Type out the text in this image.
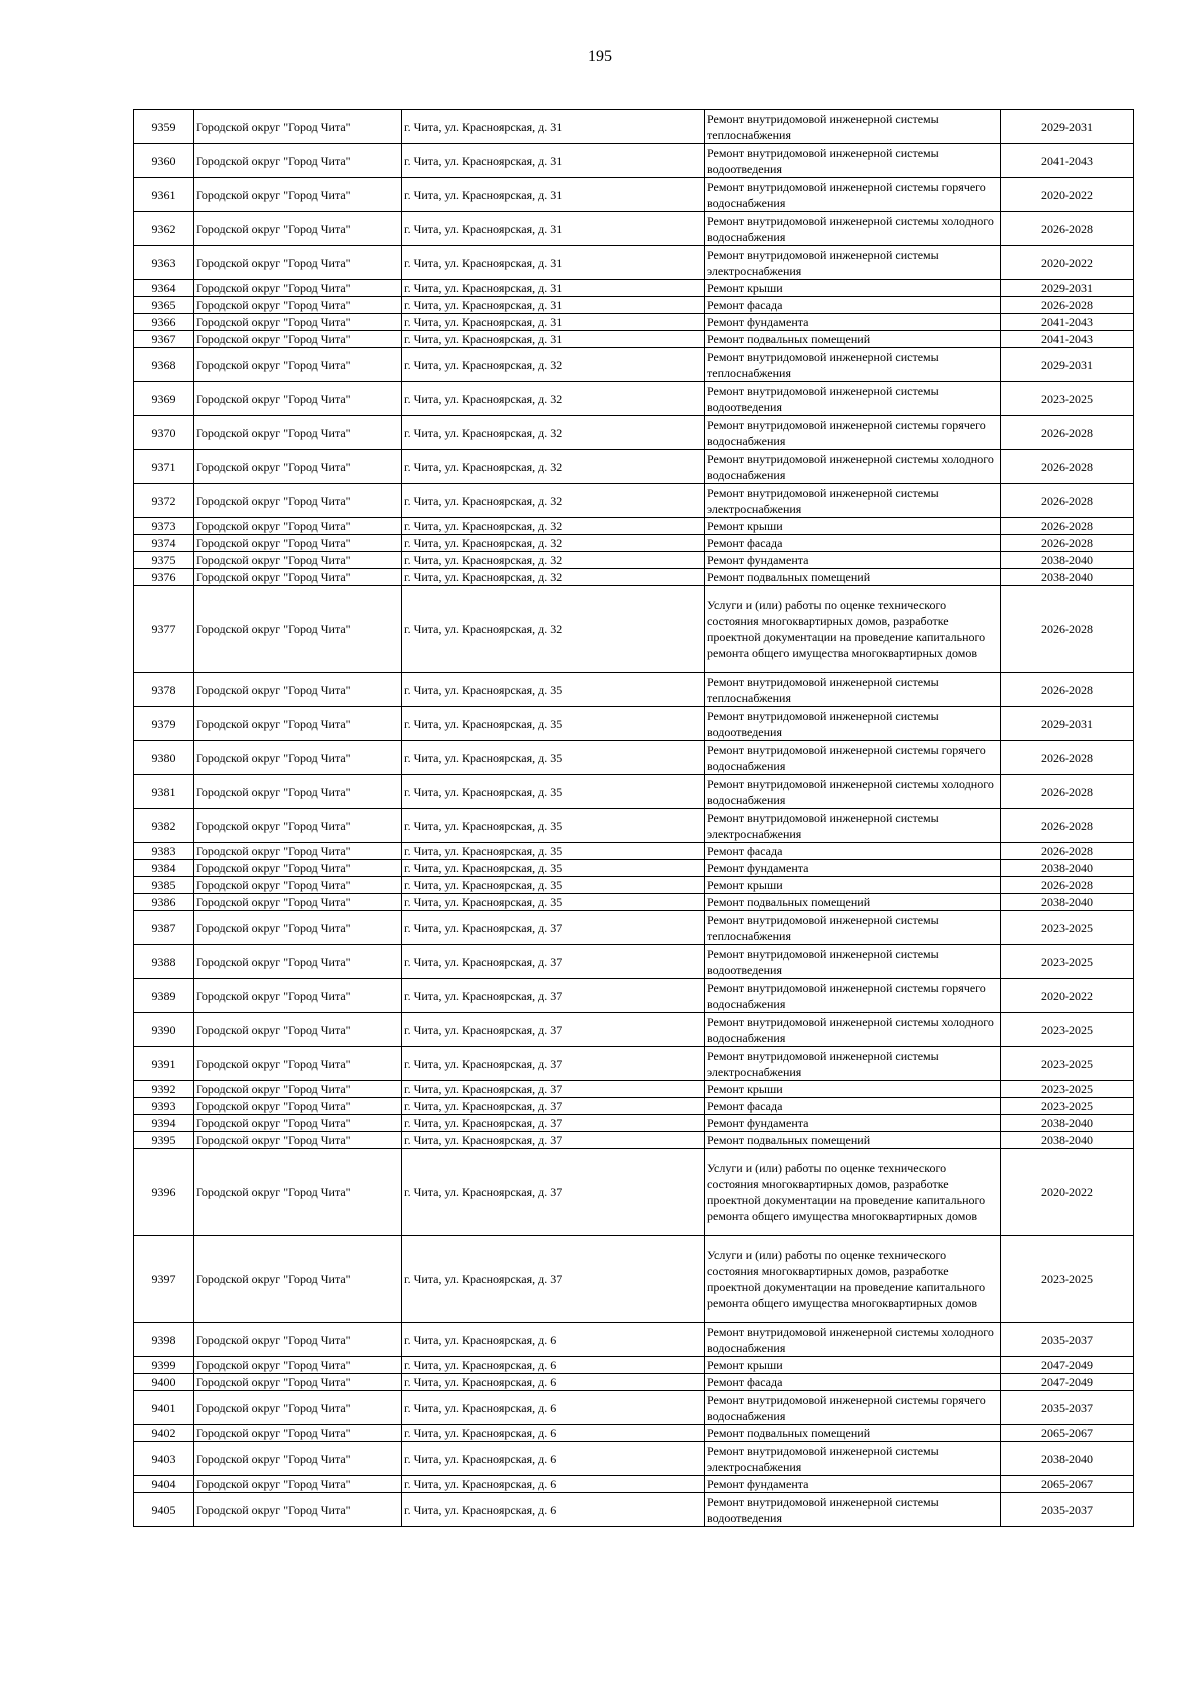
195
9359	Городской округ "Город Чита"	г. Чита, ул. Красноярская, д. 31	Ремонт внутридомовой инженерной системы теплоснабжения	2029-2031
9360	Городской округ "Город Чита"	г. Чита, ул. Красноярская, д. 31	Ремонт внутридомовой инженерной системы водоотведения	2041-2043
9361	Городской округ "Город Чита"	г. Чита, ул. Красноярская, д. 31	Ремонт внутридомовой инженерной системы горячего водоснабжения	2020-2022
9362	Городской округ "Город Чита"	г. Чита, ул. Красноярская, д. 31	Ремонт внутридомовой инженерной системы холодного водоснабжения	2026-2028
9363	Городской округ "Город Чита"	г. Чита, ул. Красноярская, д. 31	Ремонт внутридомовой инженерной системы электроснабжения	2020-2022
9364	Городской округ "Город Чита"	г. Чита, ул. Красноярская, д. 31	Ремонт крыши	2029-2031
9365	Городской округ "Город Чита"	г. Чита, ул. Красноярская, д. 31	Ремонт фасада	2026-2028
9366	Городской округ "Город Чита"	г. Чита, ул. Красноярская, д. 31	Ремонт фундамента	2041-2043
9367	Городской округ "Город Чита"	г. Чита, ул. Красноярская, д. 31	Ремонт подвальных помещений	2041-2043
9368	Городской округ "Город Чита"	г. Чита, ул. Красноярская, д. 32	Ремонт внутридомовой инженерной системы теплоснабжения	2029-2031
9369	Городской округ "Город Чита"	г. Чита, ул. Красноярская, д. 32	Ремонт внутридомовой инженерной системы водоотведения	2023-2025
9370	Городской округ "Город Чита"	г. Чита, ул. Красноярская, д. 32	Ремонт внутридомовой инженерной системы горячего водоснабжения	2026-2028
9371	Городской округ "Город Чита"	г. Чита, ул. Красноярская, д. 32	Ремонт внутридомовой инженерной системы холодного водоснабжения	2026-2028
9372	Городской округ "Город Чита"	г. Чита, ул. Красноярская, д. 32	Ремонт внутридомовой инженерной системы электроснабжения	2026-2028
9373	Городской округ "Город Чита"	г. Чита, ул. Красноярская, д. 32	Ремонт крыши	2026-2028
9374	Городской округ "Город Чита"	г. Чита, ул. Красноярская, д. 32	Ремонт фасада	2026-2028
9375	Городской округ "Город Чита"	г. Чита, ул. Красноярская, д. 32	Ремонт фундамента	2038-2040
9376	Городской округ "Город Чита"	г. Чита, ул. Красноярская, д. 32	Ремонт подвальных помещений	2038-2040
9377	Городской округ "Город Чита"	г. Чита, ул. Красноярская, д. 32	Услуги и (или) работы по оценке технического состояния многоквартирных домов, разработке проектной документации на проведение капитального ремонта общего имущества многоквартирных домов	2026-2028
9378	Городской округ "Город Чита"	г. Чита, ул. Красноярская, д. 35	Ремонт внутридомовой инженерной системы теплоснабжения	2026-2028
9379	Городской округ "Город Чита"	г. Чита, ул. Красноярская, д. 35	Ремонт внутридомовой инженерной системы водоотведения	2029-2031
9380	Городской округ "Город Чита"	г. Чита, ул. Красноярская, д. 35	Ремонт внутридомовой инженерной системы горячего водоснабжения	2026-2028
9381	Городской округ "Город Чита"	г. Чита, ул. Красноярская, д. 35	Ремонт внутридомовой инженерной системы холодного водоснабжения	2026-2028
9382	Городской округ "Город Чита"	г. Чита, ул. Красноярская, д. 35	Ремонт внутридомовой инженерной системы электроснабжения	2026-2028
9383	Городской округ "Город Чита"	г. Чита, ул. Красноярская, д. 35	Ремонт фасада	2026-2028
9384	Городской округ "Город Чита"	г. Чита, ул. Красноярская, д. 35	Ремонт фундамента	2038-2040
9385	Городской округ "Город Чита"	г. Чита, ул. Красноярская, д. 35	Ремонт крыши	2026-2028
9386	Городской округ "Город Чита"	г. Чита, ул. Красноярская, д. 35	Ремонт подвальных помещений	2038-2040
9387	Городской округ "Город Чита"	г. Чита, ул. Красноярская, д. 37	Ремонт внутридомовой инженерной системы теплоснабжения	2023-2025
9388	Городской округ "Город Чита"	г. Чита, ул. Красноярская, д. 37	Ремонт внутридомовой инженерной системы водоотведения	2023-2025
9389	Городской округ "Город Чита"	г. Чита, ул. Красноярская, д. 37	Ремонт внутридомовой инженерной системы горячего водоснабжения	2020-2022
9390	Городской округ "Город Чита"	г. Чита, ул. Красноярская, д. 37	Ремонт внутридомовой инженерной системы холодного водоснабжения	2023-2025
9391	Городской округ "Город Чита"	г. Чита, ул. Красноярская, д. 37	Ремонт внутридомовой инженерной системы электроснабжения	2023-2025
9392	Городской округ "Город Чита"	г. Чита, ул. Красноярская, д. 37	Ремонт крыши	2023-2025
9393	Городской округ "Город Чита"	г. Чита, ул. Красноярская, д. 37	Ремонт фасада	2023-2025
9394	Городской округ "Город Чита"	г. Чита, ул. Красноярская, д. 37	Ремонт фундамента	2038-2040
9395	Городской округ "Город Чита"	г. Чита, ул. Красноярская, д. 37	Ремонт подвальных помещений	2038-2040
9396	Городской округ "Город Чита"	г. Чита, ул. Красноярская, д. 37	Услуги и (или) работы по оценке технического состояния многоквартирных домов, разработке проектной документации на проведение капитального ремонта общего имущества многоквартирных домов	2020-2022
9397	Городской округ "Город Чита"	г. Чита, ул. Красноярская, д. 37	Услуги и (или) работы по оценке технического состояния многоквартирных домов, разработке проектной документации на проведение капитального ремонта общего имущества многоквартирных домов	2023-2025
9398	Городской округ "Город Чита"	г. Чита, ул. Красноярская, д. 6	Ремонт внутридомовой инженерной системы холодного водоснабжения	2035-2037
9399	Городской округ "Город Чита"	г. Чита, ул. Красноярская, д. 6	Ремонт крыши	2047-2049
9400	Городской округ "Город Чита"	г. Чита, ул. Красноярская, д. 6	Ремонт фасада	2047-2049
9401	Городской округ "Город Чита"	г. Чита, ул. Красноярская, д. 6	Ремонт внутридомовой инженерной системы горячего водоснабжения	2035-2037
9402	Городской округ "Город Чита"	г. Чита, ул. Красноярская, д. 6	Ремонт подвальных помещений	2065-2067
9403	Городской округ "Город Чита"	г. Чита, ул. Красноярская, д. 6	Ремонт внутридомовой инженерной системы электроснабжения	2038-2040
9404	Городской округ "Город Чита"	г. Чита, ул. Красноярская, д. 6	Ремонт фундамента	2065-2067
9405	Городской округ "Город Чита"	г. Чита, ул. Красноярская, д. 6	Ремонт внутридомовой инженерной системы водоотведения	2035-2037
